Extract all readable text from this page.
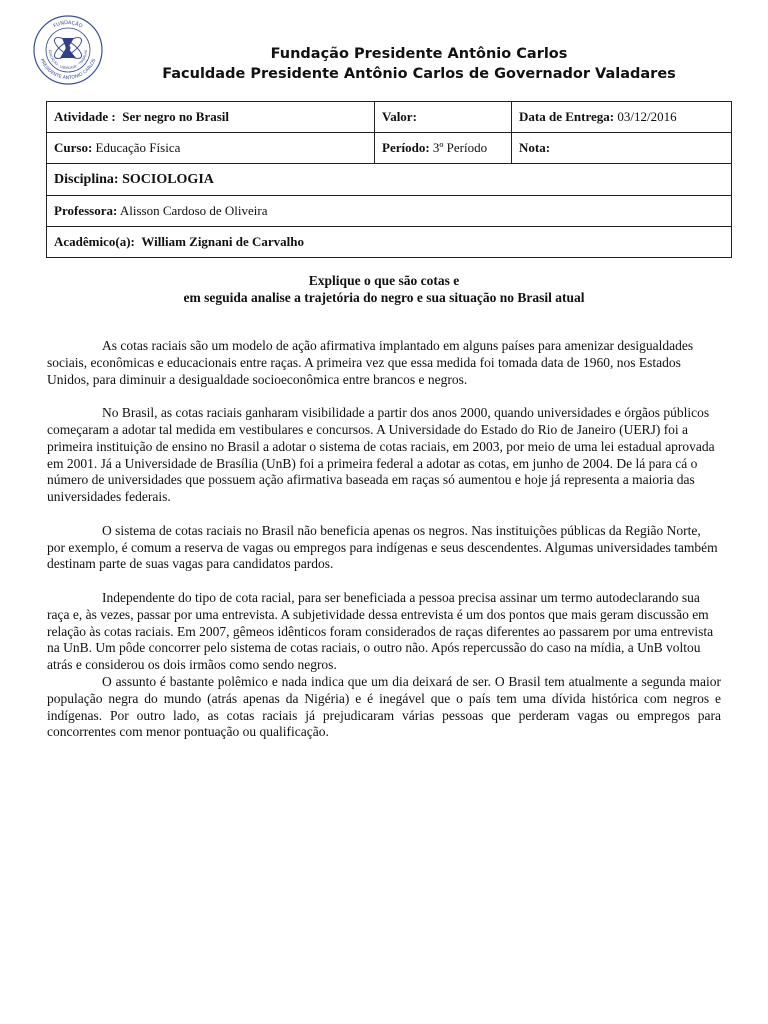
FUNDAÇÃO
PRESIDENTE ANTONIO CARLOS
EDUCAÇÃO · LIBERDADE · TRABALHO	Fundação Presidente Antônio Carlos
Faculdade Presidente Antônio Carlos de Governador Valadares
Atividade : Ser negro no Brasil	Valor:	Data de Entrega: 03/12/2016
Curso: Educação Física	Período: 3º Período	Nota:
Disciplina: SOCIOLOGIA		
Professora: Alisson Cardoso de Oliveira		
Acadêmico(a): William Zignani de Carvalho		
Explique o que são cotas e
em seguida analise a trajetória do negro e sua situação no Brasil atual

As cotas raciais são um modelo de ação afirmativa implantado em alguns países para amenizar desigualdades sociais, econômicas e educacionais entre raças. A primeira vez que essa medida foi tomada data de 1960, nos Estados Unidos, para diminuir a desigualdade socioeconômica entre brancos e negros.

No Brasil, as cotas raciais ganharam visibilidade a partir dos anos 2000, quando universidades e órgãos públicos começaram a adotar tal medida em vestibulares e concursos. A Universidade do Estado do Rio de Janeiro (UERJ) foi a primeira instituição de ensino no Brasil a adotar o sistema de cotas raciais, em 2003, por meio de uma lei estadual aprovada em 2001. Já a Universidade de Brasília (UnB) foi a primeira federal a adotar as cotas, em junho de 2004. De lá para cá o número de universidades que possuem ação afirmativa baseada em raças só aumentou e hoje já representa a maioria das universidades federais.

O sistema de cotas raciais no Brasil não beneficia apenas os negros. Nas instituições públicas da Região Norte, por exemplo, é comum a reserva de vagas ou empregos para indígenas e seus descendentes. Algumas universidades também destinam parte de suas vagas para candidatos pardos.

Independente do tipo de cota racial, para ser beneficiada a pessoa precisa assinar um termo autodeclarando sua raça e, às vezes, passar por uma entrevista. A subjetividade dessa entrevista é um dos pontos que mais geram discussão em relação às cotas raciais. Em 2007, gêmeos idênticos foram considerados de raças diferentes ao passarem por uma entrevista na UnB. Um pôde concorrer pelo sistema de cotas raciais, o outro não. Após repercussão do caso na mídia, a UnB voltou atrás e considerou os dois irmãos como sendo negros.

O assunto é bastante polêmico e nada indica que um dia deixará de ser. O Brasil tem atualmente a segunda maior população negra do mundo (atrás apenas da Nigéria) e é inegável que o país tem uma dívida histórica com negros e indígenas. Por outro lado, as cotas raciais já prejudicaram várias pessoas que perderam vagas ou empregos para concorrentes com menor pontuação ou qualificação.
